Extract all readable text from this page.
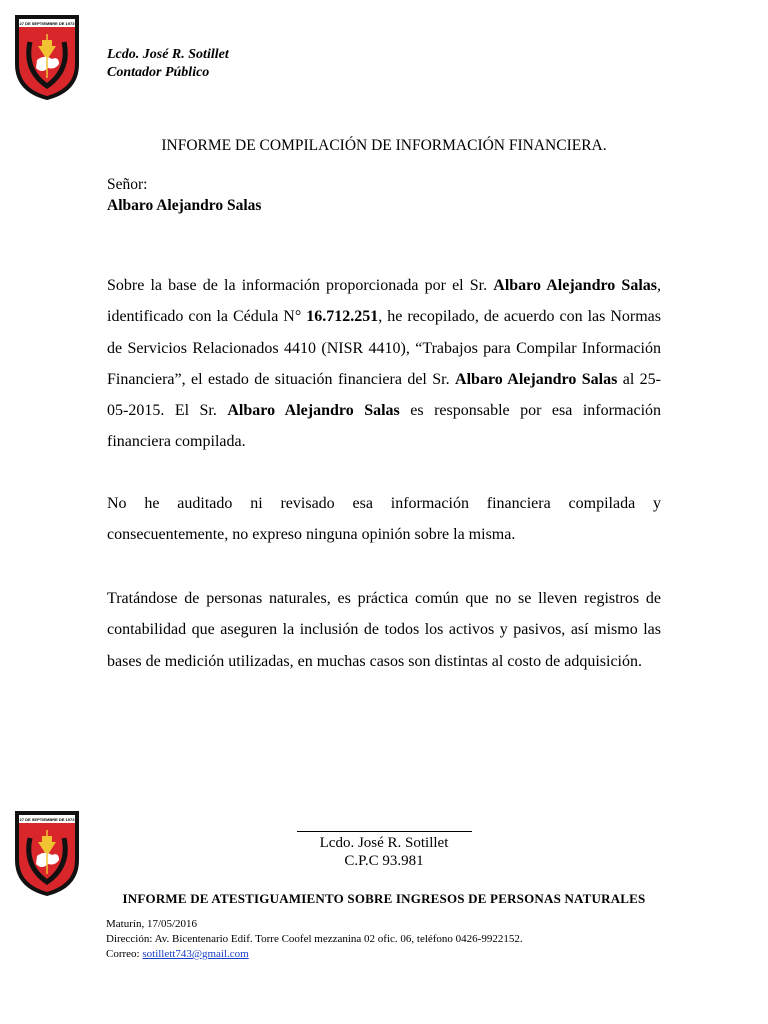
27 DE SEPTIEMBRE DE 1973
Lcdo. José R. Sotillet
Contador Público
INFORME DE COMPILACIÓN DE INFORMACIÓN FINANCIERA.
Señor:
Albaro Alejandro Salas
Sobre la base de la información proporcionada por el Sr. Albaro Alejandro Salas, identificado con la Cédula N° 16.712.251, he recopilado, de acuerdo con las Normas de Servicios Relacionados 4410 (NISR 4410), “Trabajos para Compilar Información Financiera”, el estado de situación financiera del Sr. Albaro Alejandro Salas al 25-05-2015. El Sr. Albaro Alejandro Salas es responsable por esa información financiera compilada.
No he auditado ni revisado esa información financiera compilada y consecuentemente, no expreso ninguna opinión sobre la misma.
Tratándose de personas naturales, es práctica común que no se lleven registros de contabilidad que aseguren la inclusión de todos los activos y pasivos, así mismo las bases de medición utilizadas, en muchas casos son distintas al costo de adquisición.
27 DE SEPTIEMBRE DE 1973
Lcdo. José R. Sotillet
C.P.C 93.981
INFORME DE ATESTIGUAMIENTO SOBRE INGRESOS DE PERSONAS NATURALES
Maturín, 17/05/2016
Dirección: Av. Bicentenario Edif. Torre Coofel mezzanina 02 ofic. 06, teléfono 0426-9922152.
Correo: sotillett743@gmail.com
